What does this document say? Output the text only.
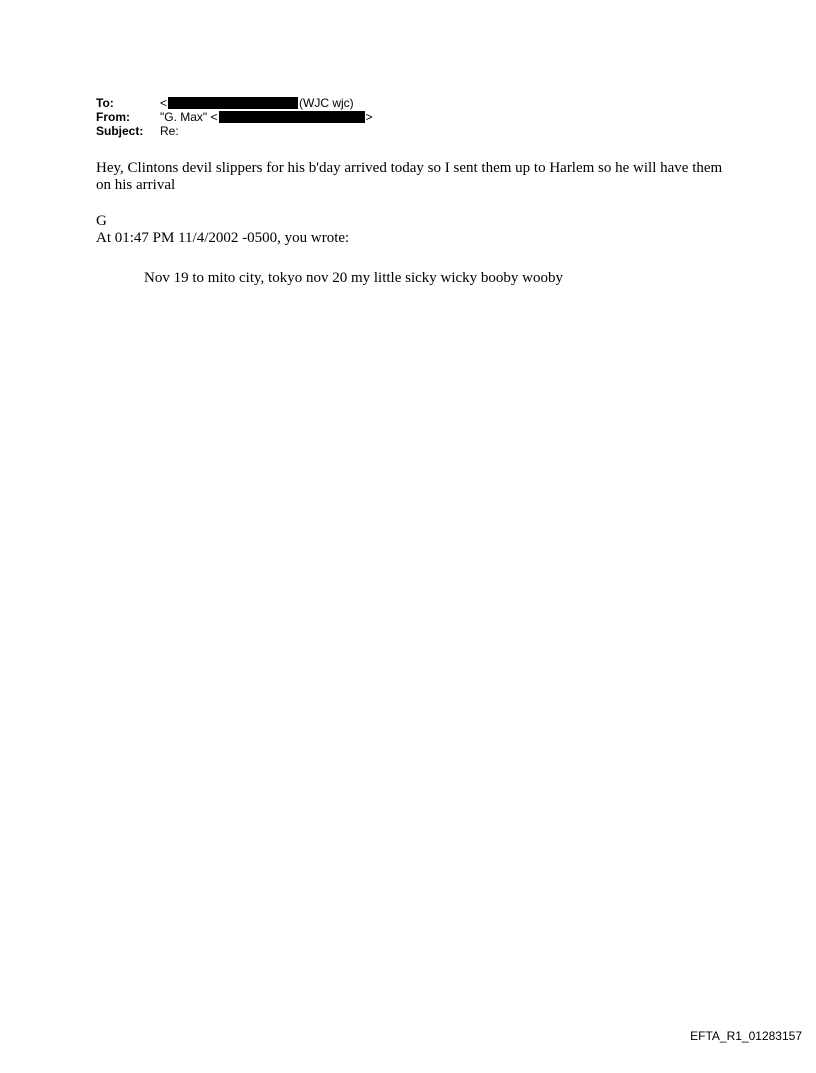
To:	<	(WJC wjc)
From:	"G. Max" <	>
Subject:	Re:
Hey, Clintons devil slippers for his b'day arrived today so I sent them up to Harlem so he will have them on his arrival
G
At 01:47 PM 11/4/2002 -0500, you wrote:
Nov 19 to mito city, tokyo nov 20 my little sicky wicky booby wooby
EFTA_R1_01283157
